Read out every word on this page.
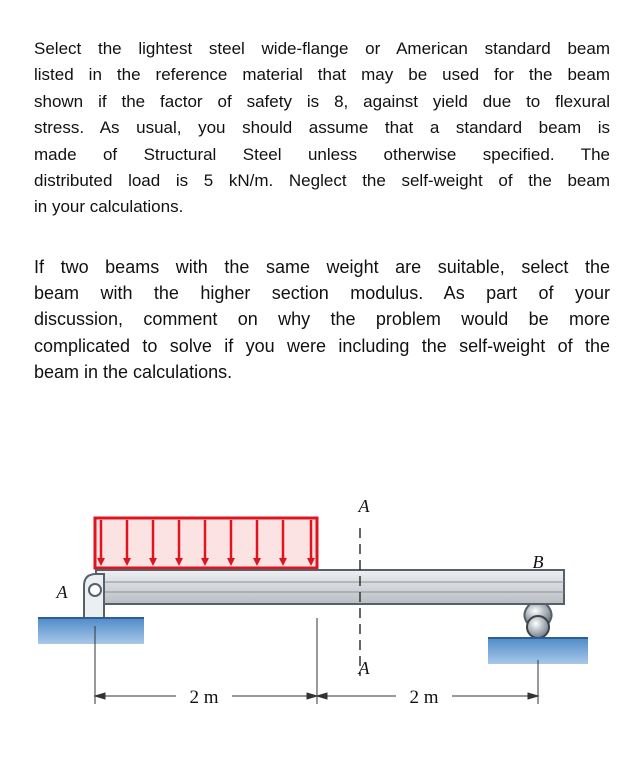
Select the lightest steel wide-flange or American standard beam
listed in the reference material that may be used for the beam
shown if the factor of safety is 8, against yield due to flexural
stress. As usual, you should assume that a standard beam is
made of Structural Steel unless otherwise specified. The
distributed load is 5 kN/m. Neglect the self-weight of the beam
in your calculations.
If two beams with the same weight are suitable, select the
beam with the higher section modulus. As part of your
discussion, comment on why the problem would be more
complicated to solve if you were including the self-weight of the
beam in the calculations.
A
A
A
B
2 m	2 m
